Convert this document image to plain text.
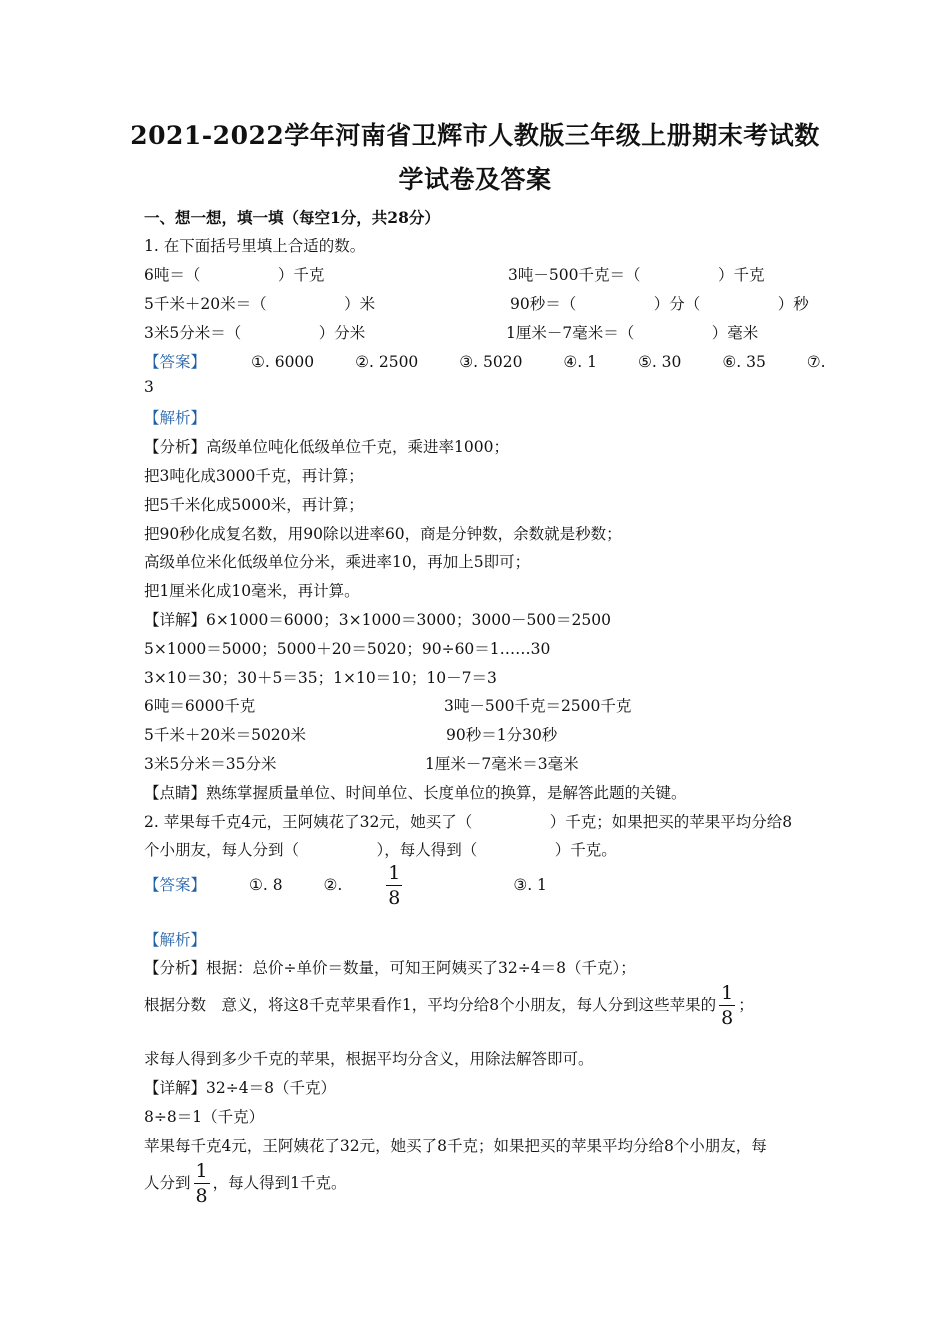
2021-2022学年河南省卫辉市人教版三年级上册期末考试数
学试卷及答案
一、想一想，填一填（每空1分，共28分）
1. 在下面括号里填上合适的数。
6吨＝（　　　　　）千克	3吨－500千克＝（　　　　　）千克
5千米＋20米＝（　　　　　）米	90秒＝（　　　　　）分（　　　　　）秒
3米5分米＝（　　　　　）分米	1厘米－7毫米＝（　　　　　）毫米
【答案】	①. 6000	②. 2500	③. 5020	④. 1	⑤. 30	⑥. 35	⑦.
3
【解析】
【分析】高级单位吨化低级单位千克，乘进率1000；
把3吨化成3000千克，再计算；
把5千米化成5000米，再计算；
把90秒化成复名数，用90除以进率60，商是分钟数，余数就是秒数；
高级单位米化低级单位分米，乘进率10，再加上5即可；
把1厘米化成10毫米，再计算。
【详解】6×1000＝6000；3×1000＝3000；3000－500＝2500
5×1000＝5000；5000＋20＝5020；90÷60＝1……30
3×10＝30；30＋5＝35；1×10＝10；10－7＝3
6吨＝6000千克	3吨－500千克＝2500千克
5千米＋20米＝5020米	90秒＝1分30秒
3米5分米＝35分米	1厘米－7毫米＝3毫米
【点睛】熟练掌握质量单位、时间单位、长度单位的换算，是解答此题的关键。
2. 苹果每千克4元，王阿姨花了32元，她买了（　　　　　）千克；如果把买的苹果平均分给8
个小朋友，每人分到（　　　　　），每人得到（　　　　　）千克。
【答案】	①. 8	②. $\frac{1}{8}$	③. 1
【解析】
【分析】根据：总价÷单价＝数量，可知王阿姨买了32÷4＝8（千克）；
根据分数　意义，将这8千克苹果看作1，平均分给8个小朋友，每人分到这些苹果的 $\frac{1}{8}$ ；
求每人得到多少千克的苹果，根据平均分含义，用除法解答即可。
【详解】32÷4＝8（千克）
8÷8＝1（千克）
苹果每千克4元，王阿姨花了32元，她买了8千克；如果把买的苹果平均分给8个小朋友，每
人分到 $\frac{1}{8}$ ，每人得到1千克。
